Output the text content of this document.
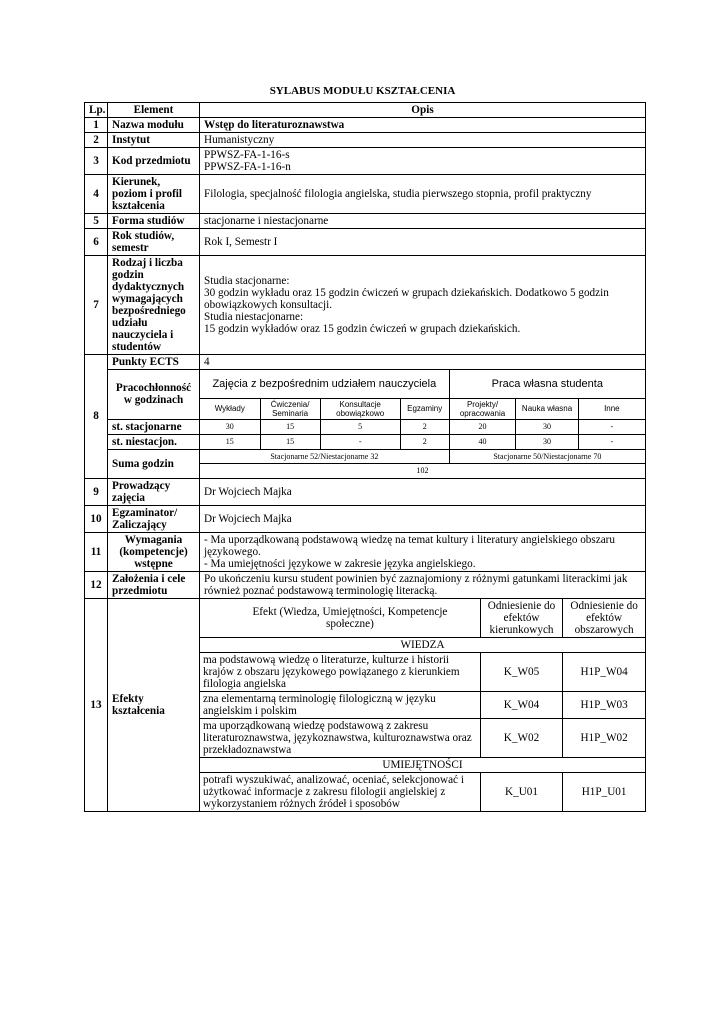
SYLABUS MODUŁU KSZTAŁCENIA
Lp.	Element	Opis
1	Nazwa modułu	Wstęp do literaturoznawstwa
2	Instytut	Humanistyczny
3	Kod przedmiotu	PPWSZ-FA-1-16-s
PPWSZ-FA-1-16-n

4	Kierunek, poziom i profil kształcenia	Filologia, specjalność filologia angielska, studia pierwszego stopnia, profil praktyczny
5	Forma studiów	stacjonarne i niestacjonarne
6	Rok studiów, semestr	Rok I, Semestr I
7	Rodzaj i liczba godzin dydaktycznych wymagających bezpośredniego udziału nauczyciela i studentów	
Studia stacjonarne:
30 godzin wykładu oraz 15 godzin ćwiczeń w grupach dziekańskich. Dodatkowo 5 godzin obowiązkowych konsultacji.
Studia niestacjonarne:
15 godzin wykładów oraz 15 godzin ćwiczeń w grupach dziekańskich.

8	Punkty ECTS	4
Pracochłonność w godzinach	
Zajęcia z bezpośrednim udziałem nauczyciela	Praca własna studenta
Wykłady	Ćwiczenia/ Seminaria	Konsultacje obowiązkowo	Egzaminy	Projekty/ opracowania	Nauka własna	Inne

st. stacjonarne		30	15	5	2	20	30	-

st. niestacjon.		15	15	-	2	40	30	-

Suma godzin	
Stacjonarne 52/Niestacjonarne 32	Stacjonarne 50/Niestacjonarne 70
102

9	Prowadzący zajęcia	Dr Wojciech Majka
10	Egzaminator/ Zaliczający	Dr Wojciech Majka
11	Wymagania (kompetencje) wstępne	
- Ma uporządkowaną podstawową wiedzę na temat kultury i literatury angielskiego obszaru językowego.
- Ma umiejętności językowe w zakresie języka angielskiego.

12	Założenia i cele przedmiotu	Po ukończeniu kursu student powinien być zaznajomiony z różnymi gatunkami literackimi jak również poznać podstawową terminologię literacką.
13	Efekty kształcenia	
Efekt (Wiedza, Umiejętności, Kompetencje społeczne)	Odniesienie do efektów kierunkowych	Odniesienie do efektów obszarowych
WIEDZA
ma podstawową wiedzę o literaturze, kulturze i historii krajów z obszaru językowego powiązanego z kierunkiem filologia angielska	K_W05	H1P_W04
zna elementarną terminologię filologiczną w języku angielskim i polskim	K_W04	H1P_W03
ma uporządkowaną wiedzę podstawową z zakresu literaturoznawstwa, językoznawstwa, kulturoznawstwa oraz przekładoznawstwa	K_W02	H1P_W02
UMIEJĘTNOŚCI
potrafi wyszukiwać, analizować, oceniać, selekcjonować i użytkować informacje z zakresu filologii angielskiej z wykorzystaniem różnych źródeł i sposobów	K_U01	H1P_U01
